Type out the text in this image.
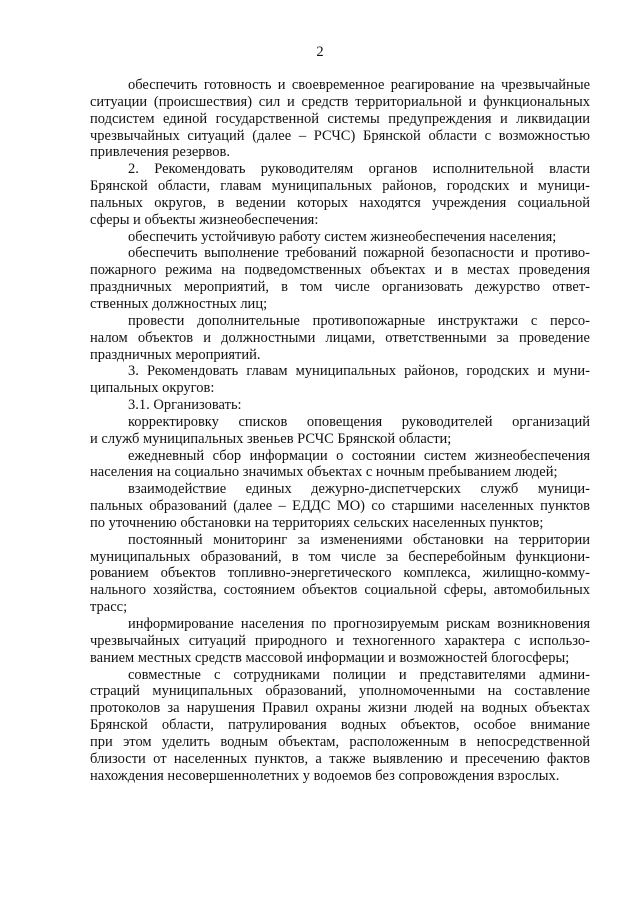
2
обеспечить готовность и своевременное реагирование на чрезвычайные
ситуации (происшествия) сил и средств территориальной и функциональных
подсистем единой государственной системы предупреждения и ликвидации
чрезвычайных ситуаций (далее – РСЧС) Брянской области с возможностью
привлечения резервов.
2. Рекомендовать руководителям органов исполнительной власти
Брянской области, главам муниципальных районов, городских и муници-
пальных округов, в ведении которых находятся учреждения социальной
сферы и объекты жизнеобеспечения:
обеспечить устойчивую работу систем жизнеобеспечения населения;
обеспечить выполнение требований пожарной безопасности и противо-
пожарного режима на подведомственных объектах и в местах проведения
праздничных мероприятий, в том числе организовать дежурство ответ-
ственных должностных лиц;
провести дополнительные противопожарные инструктажи с персо-
налом объектов и должностными лицами, ответственными за проведение
праздничных мероприятий.
3. Рекомендовать главам муниципальных районов, городских и муни-
ципальных округов:
3.1. Организовать:
корректировку списков оповещения руководителей организаций
и служб муниципальных звеньев РСЧС Брянской области;
ежедневный сбор информации о состоянии систем жизнеобеспечения
населения на социально значимых объектах с ночным пребыванием людей;
взаимодействие единых дежурно-диспетчерских служб муници-
пальных образований (далее – ЕДДС МО) со старшими населенных пунктов
по уточнению обстановки на территориях сельских населенных пунктов;
постоянный мониторинг за изменениями обстановки на территории
муниципальных образований, в том числе за бесперебойным функциони-
рованием объектов топливно-энергетического комплекса, жилищно-комму-
нального хозяйства, состоянием объектов социальной сферы, автомобильных
трасс;
информирование населения по прогнозируемым рискам возникновения
чрезвычайных ситуаций природного и техногенного характера с использо-
ванием местных средств массовой информации и возможностей блогосферы;
совместные с сотрудниками полиции и представителями админи-
страций муниципальных образований, уполномоченными на составление
протоколов за нарушения Правил охраны жизни людей на водных объектах
Брянской области, патрулирования водных объектов, особое внимание
при этом уделить водным объектам, расположенным в непосредственной
близости от населенных пунктов, а также выявлению и пресечению фактов
нахождения несовершеннолетних у водоемов без сопровождения взрослых.
